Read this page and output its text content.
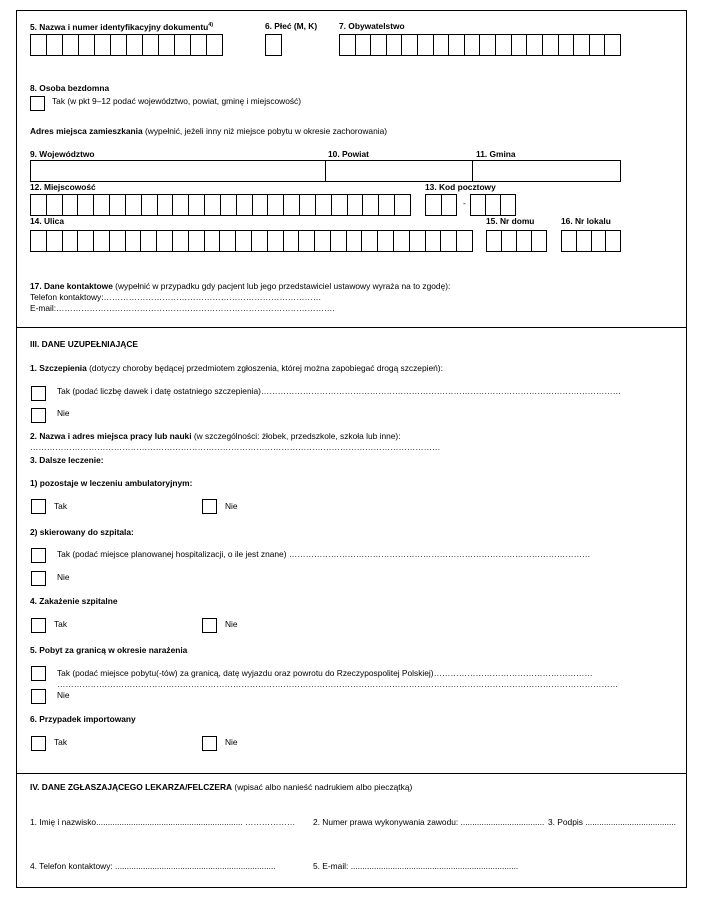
5. Nazwa i numer identyfikacyjny dokumentu$^{4)}$	6. Płeć (M, K)	7. Obywatelstwo
8. Osoba bezdomna
Tak (w pkt 9–12 podać województwo, powiat, gminę i miejscowość)
Adres miejsca zamieszkania (wypełnić, jeżeli inny niż miejsce pobytu w okresie zachorowania)
9. Województwo	10. Powiat	11. Gmina
12. Miejscowość	13. Kod pocztowy
-
14. Ulica	15. Nr domu	16. Nr lokalu
17. Dane kontaktowe (wypełnić w przypadku gdy pacjent lub jego przedstawiciel ustawowy wyraża na to zgodę):
Telefon kontaktowy:……………………………………………………………………
E-mail:……………………………………………………………………………………….
III. DANE UZUPEŁNIAJĄCE
1. Szczepienia (dotyczy choroby będącej przedmiotem zgłoszenia, której można zapobiegać drogą szczepień):
Tak (podać liczbę dawek i datę ostatniego szczepienia)…………………………………………………………………………………………………………………
Nie
2. Nazwa i adres miejsca pracy lub nauki (w szczególności: żłobek, przedszkole, szkoła lub inne):
…………………………………………………………………………………………………………………………………
3. Dalsze leczenie:
1) pozostaje w leczeniu ambulatoryjnym:
Tak	Nie
2) skierowany do szpitala:
Tak (podać miejsce planowanej hospitalizacji, o ile jest znane) ………………………………………………………………………………………………
Nie
4. Zakażenie szpitalne
Tak	Nie
5. Pobyt za granicą w okresie narażenia
Tak (podać miejsce pobytu(-tów) za granicą, datę wyjazdu oraz powrotu do Rzeczypospolitej Polskiej)…………………………………………………
…………………………………………………………………………………………………………………………………………………………………………………
Nie
6. Przypadek importowany
Tak	Nie
IV. DANE ZGŁASZAJĄCEGO LEKARZA/FELCZERA (wpisać albo nanieść nadrukiem albo pieczątką)
1. Imię i nazwisko............................................................... ……………… 2. Numer prawa wykonywania zawodu: .................................... 3. Podpis .......................................
4. Telefon kontaktowy: .....................................................................	5. E-mail: ........................................................................
